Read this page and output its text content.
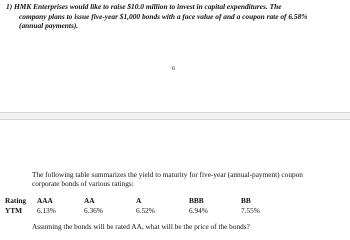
1) HMK Enterprises would like to raise $10.0 million to invest in capital expenditures. The
company plans to issue five-year $1,000 bonds with a face value of and a coupon rate of 6.58%
(annual payments).
6
The following table summarizes the yield to maturity for five-year (annual-payment) coupon
corporate bonds of various ratings:
Rating AAA	AA	A	BBB	BB
YTM 6.13%	6.36%	6.52%	6.94%	7.55%
Assuming the bonds will be rated AA, what will be the price of the bonds?
